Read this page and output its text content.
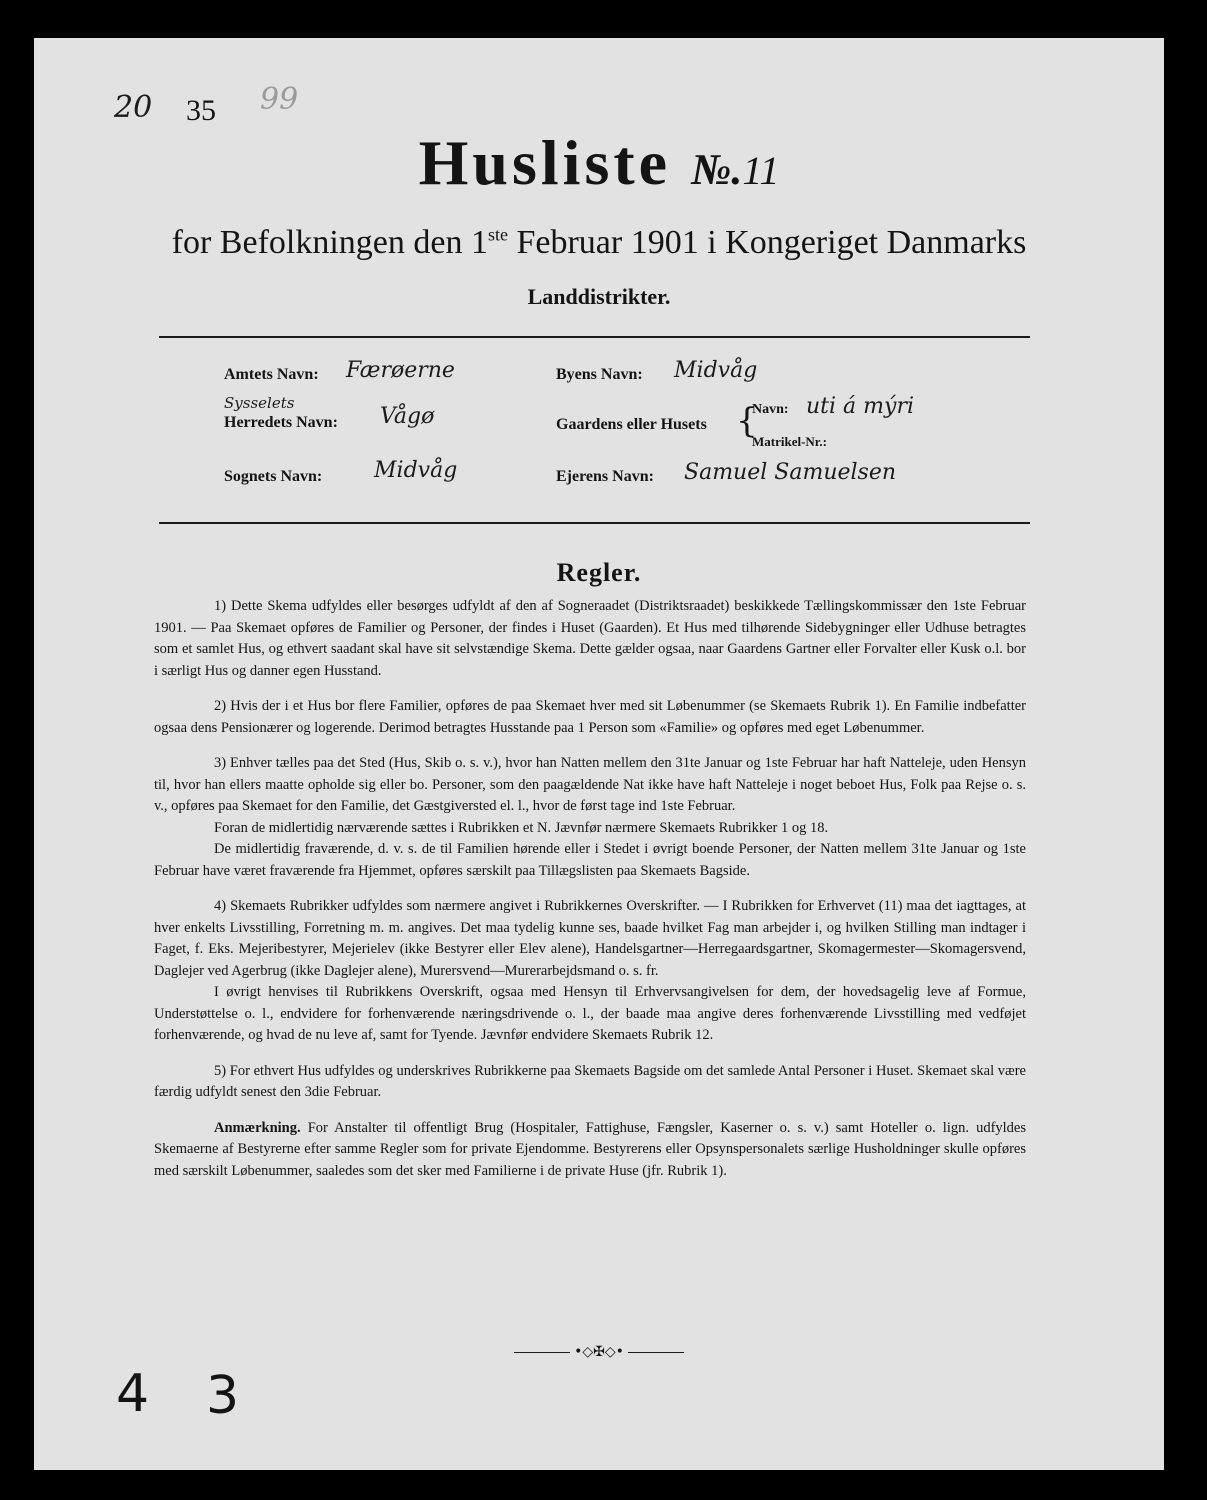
20 35 99
Husliste №.11
for Befolkningen den 1ste Februar 1901 i Kongeriget Danmarks
Landdistrikter.
Amtets Navn: Færøerne
Sysselets
Herredets Navn: Vågø
Sognets Navn: Midvåg
Byens Navn: Midvåg
Gaardens eller Husets {
Navn: uti á mýri
Matrikel-Nr.:
Ejerens Navn: Samuel Samuelsen
Regler.

1) Dette Skema udfyldes eller besørges udfyldt af den af Sogneraadet (Distriktsraadet) beskikkede Tællingskommissær den 1ste Februar 1901. — Paa Skemaet opføres de Familier og Personer, der findes i Huset (Gaarden). Et Hus med tilhørende Sidebygninger eller Udhuse betragtes som et samlet Hus, og ethvert saadant skal have sit selvstændige Skema. Dette gælder ogsaa, naar Gaardens Gartner eller Forvalter eller Kusk o.l. bor i særligt Hus og danner egen Husstand.

2) Hvis der i et Hus bor flere Familier, opføres de paa Skemaet hver med sit Løbenummer (se Skemaets Rubrik 1). En Familie indbefatter ogsaa dens Pensionærer og logerende. Derimod betragtes Husstande paa 1 Person som «Familie» og opføres med eget Løbenummer.

3) Enhver tælles paa det Sted (Hus, Skib o. s. v.), hvor han Natten mellem den 31te Januar og 1ste Februar har haft Natteleje, uden Hensyn til, hvor han ellers maatte opholde sig eller bo. Personer, som den paagældende Nat ikke have haft Natteleje i noget beboet Hus, Folk paa Rejse o. s. v., opføres paa Skemaet for den Familie, det Gæstgiversted el. l., hvor de først tage ind 1ste Februar.

Foran de midlertidig nærværende sættes i Rubrikken et N. Jævnfør nærmere Skemaets Rubrikker 1 og 18.

De midlertidig fraværende, d. v. s. de til Familien hørende eller i Stedet i øvrigt boende Personer, der Natten mellem 31te Januar og 1ste Februar have været fraværende fra Hjemmet, opføres særskilt paa Tillægslisten paa Skemaets Bagside.

4) Skemaets Rubrikker udfyldes som nærmere angivet i Rubrikkernes Overskrifter. — I Rubrikken for Erhvervet (11) maa det iagttages, at hver enkelts Livsstilling, Forretning m. m. angives. Det maa tydelig kunne ses, baade hvilket Fag man arbejder i, og hvilken Stilling man indtager i Faget, f. Eks. Mejeribestyrer, Mejerielev (ikke Bestyrer eller Elev alene), Handelsgartner—Herregaardsgartner, Skomagermester—Skomagersvend, Daglejer ved Agerbrug (ikke Daglejer alene), Murersvend—Murerarbejdsmand o. s. fr.

I øvrigt henvises til Rubrikkens Overskrift, ogsaa med Hensyn til Erhvervsangivelsen for dem, der hovedsagelig leve af Formue, Understøttelse o. l., endvidere for forhenværende næringsdrivende o. l., der baade maa angive deres forhenværende Livsstilling med vedføjet forhenværende, og hvad de nu leve af, samt for Tyende. Jævnfør endvidere Skemaets Rubrik 12.

5) For ethvert Hus udfyldes og underskrives Rubrikkerne paa Skemaets Bagside om det samlede Antal Personer i Huset. Skemaet skal være færdig udfyldt senest den 3die Februar.

Anmærkning. For Anstalter til offentligt Brug (Hospitaler, Fattighuse, Fængsler, Kaserner o. s. v.) samt Hoteller o. lign. udfyldes Skemaerne af Bestyrerne efter samme Regler som for private Ejendomme. Bestyrerens eller Opsynspersonalets særlige Husholdninger skulle opføres med særskilt Løbenummer, saaledes som det sker med Familierne i de private Huse (jfr. Rubrik 1).

•◇✠◇•
4 3
